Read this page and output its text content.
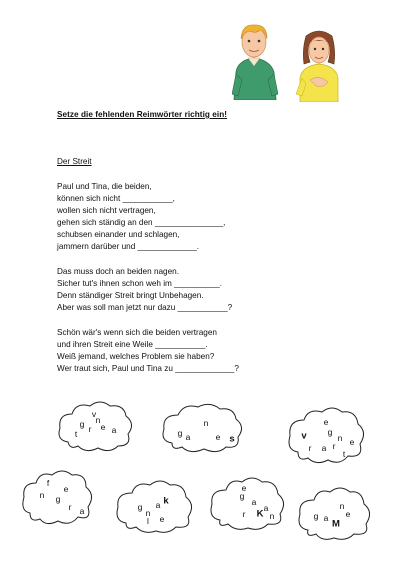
Setze die fehlenden Reimwörter richtig ein!
Der Streit
Paul und Tina, die beiden,
können sich nicht ___________,
wollen sich nicht vertragen,
gehen sich ständig an den _______________,
schubsen einander und schlagen,
jammern darüber und _____________.
Das muss doch an beiden nagen.
Sicher tut's ihnen schon weh im __________.
Denn ständiger Streit bringt Unbehagen.
Aber was soll man jetzt nur dazu ___________?
Schön wär's wenn sich die beiden vertragen
und ihren Streit eine Weile ___________.
Weiß jemand, welches Problem sie haben?
Wer traut sich, Paul und Tina zu _____________?
v
g r e a
t
n	n
g a	e s
e
v g
n e
r a r
t
f
n
e
g
r a	g a k
n
l e
e
g
a
a
r K n
n
g a e
M
